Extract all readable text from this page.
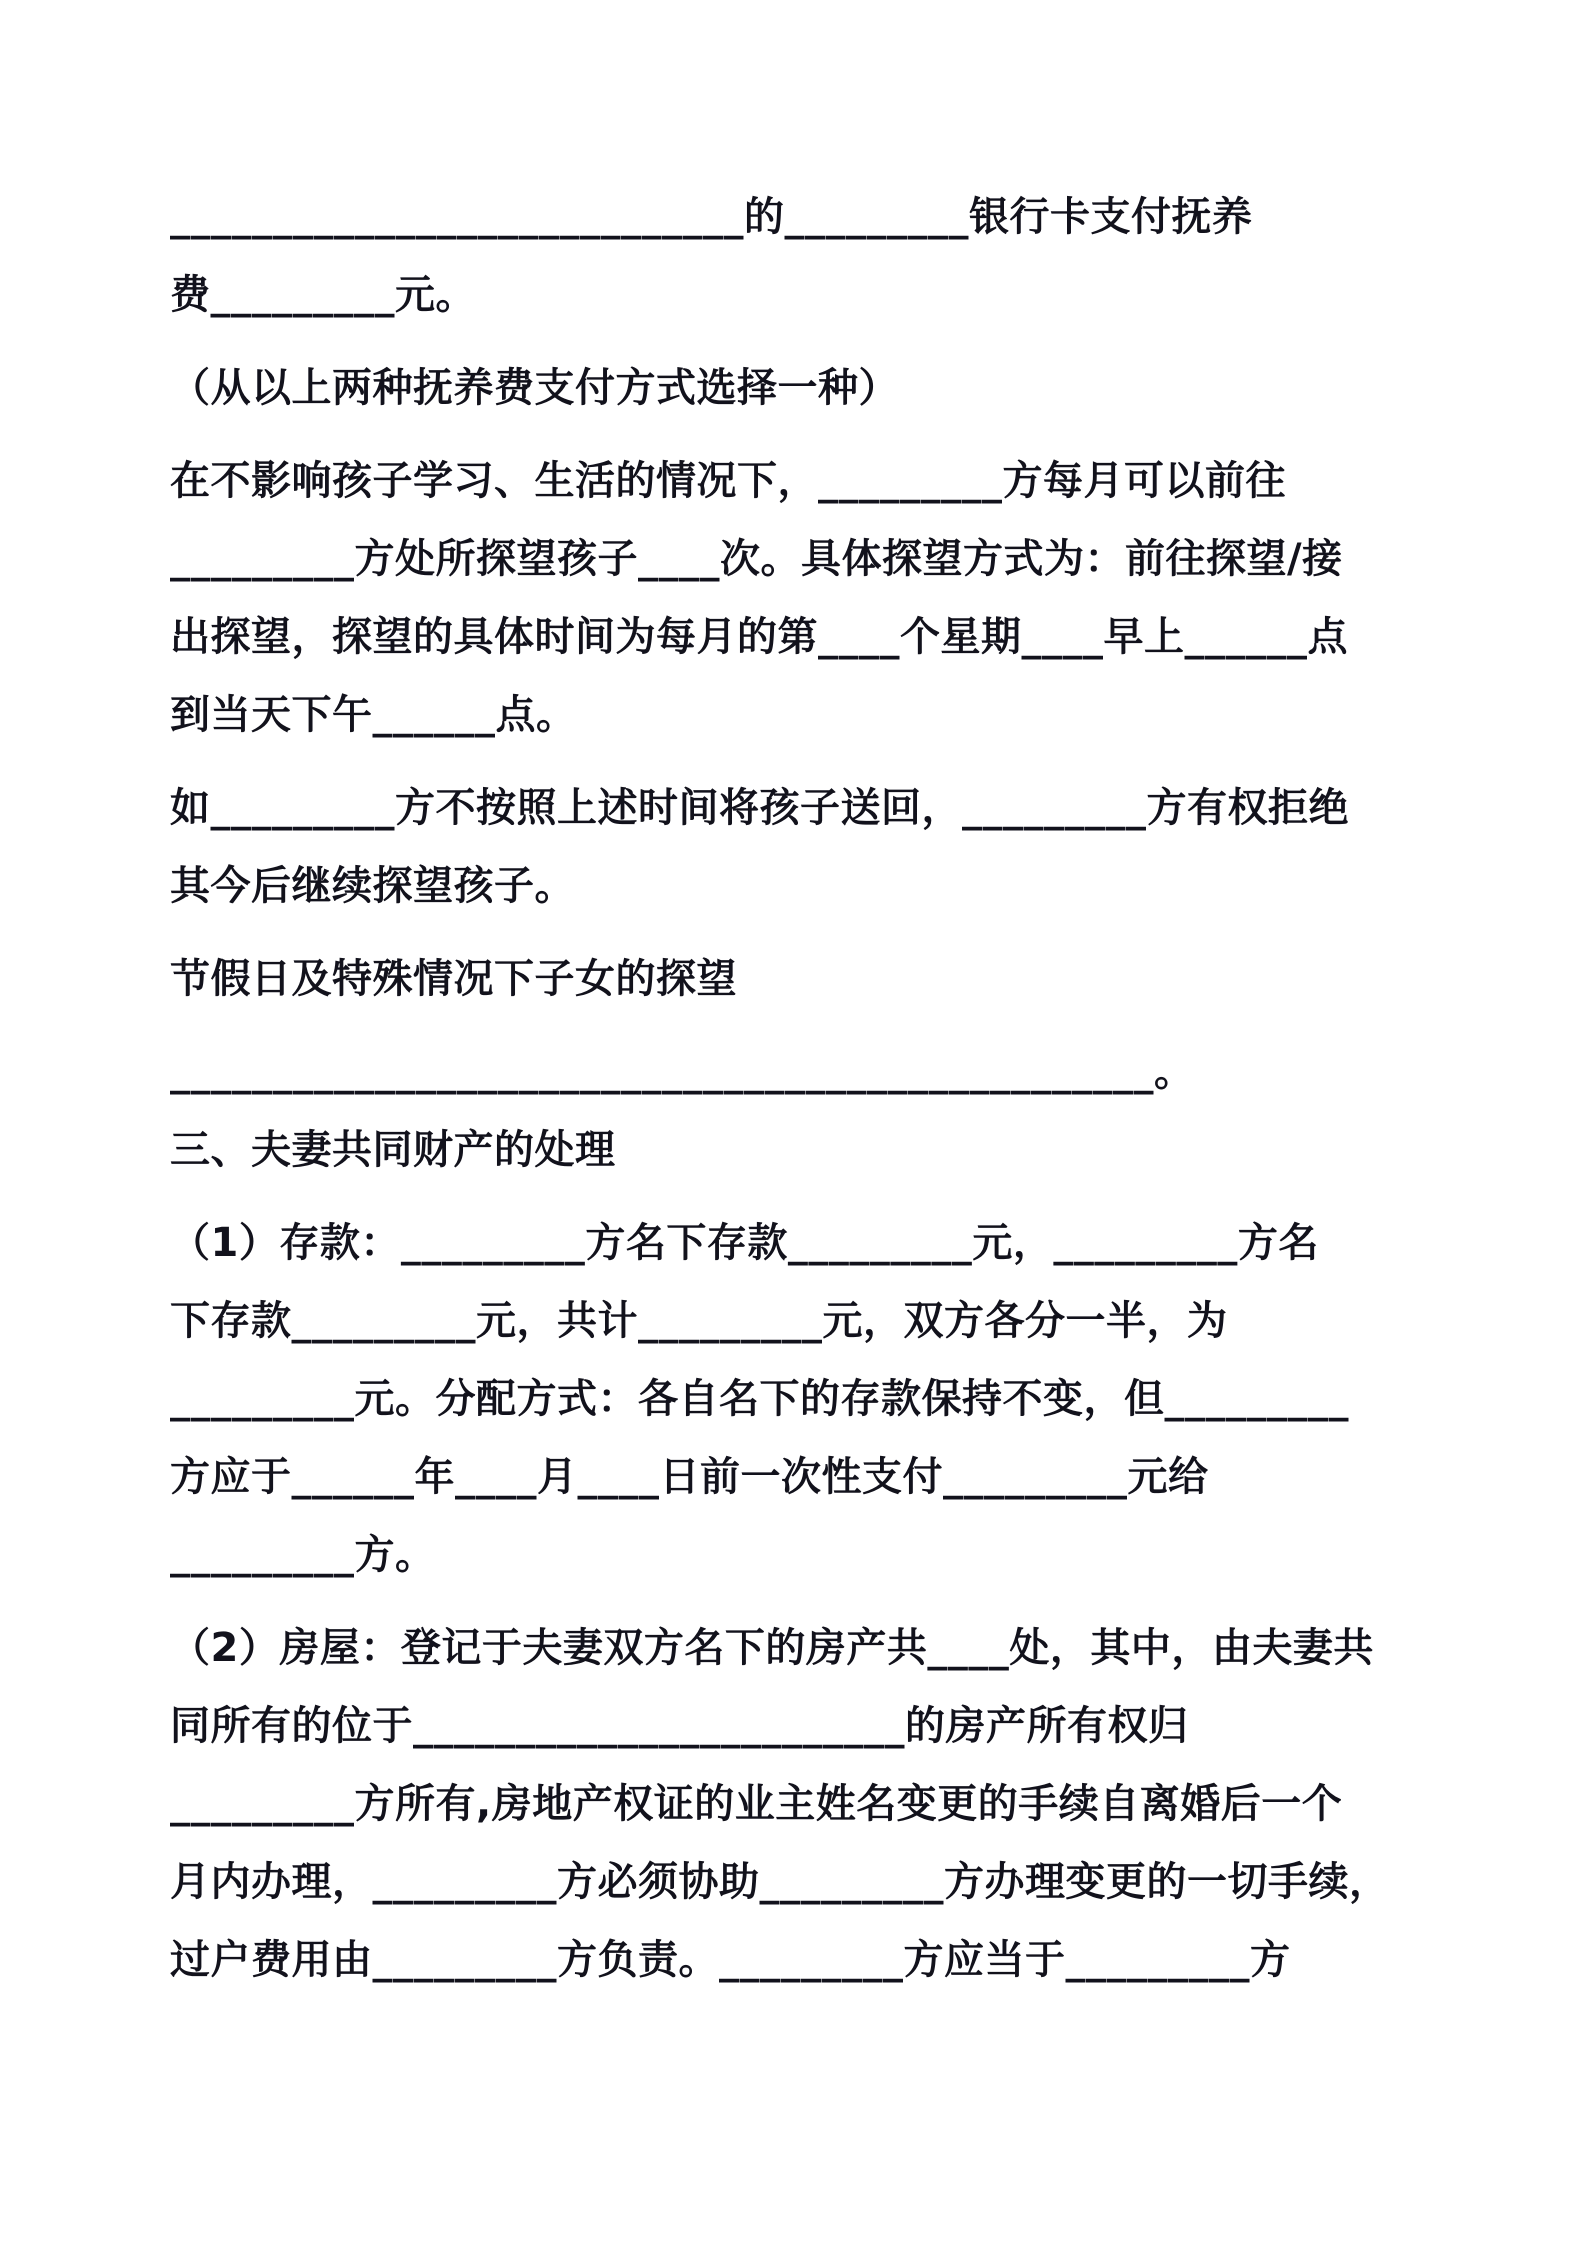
____________________________的_________银行卡支付抚养
费_________元。
（从以上两种抚养费支付方式选择一种）
在不影响孩子学习、生活的情况下，_________方每月可以前往
_________方处所探望孩子____次。具体探望方式为：前往探望/接
出探望，探望的具体时间为每月的第____个星期____早上______点
到当天下午______点。
如_________方不按照上述时间将孩子送回，_________方有权拒绝
其今后继续探望孩子。
节假日及特殊情况下子女的探望
________________________________________________。
三、夫妻共同财产的处理
（1）存款：_________方名下存款_________元，_________方名
下存款_________元，共计_________元，双方各分一半，为
_________元。分配方式：各自名下的存款保持不变，但_________
方应于______年____月____日前一次性支付_________元给
_________方。
（2）房屋：登记于夫妻双方名下的房产共____处，其中，由夫妻共
同所有的位于________________________的房产所有权归
_________方所有,房地产权证的业主姓名变更的手续自离婚后一个
月内办理，_________方必须协助_________方办理变更的一切手续，
过户费用由_________方负责。_________方应当于_________方
